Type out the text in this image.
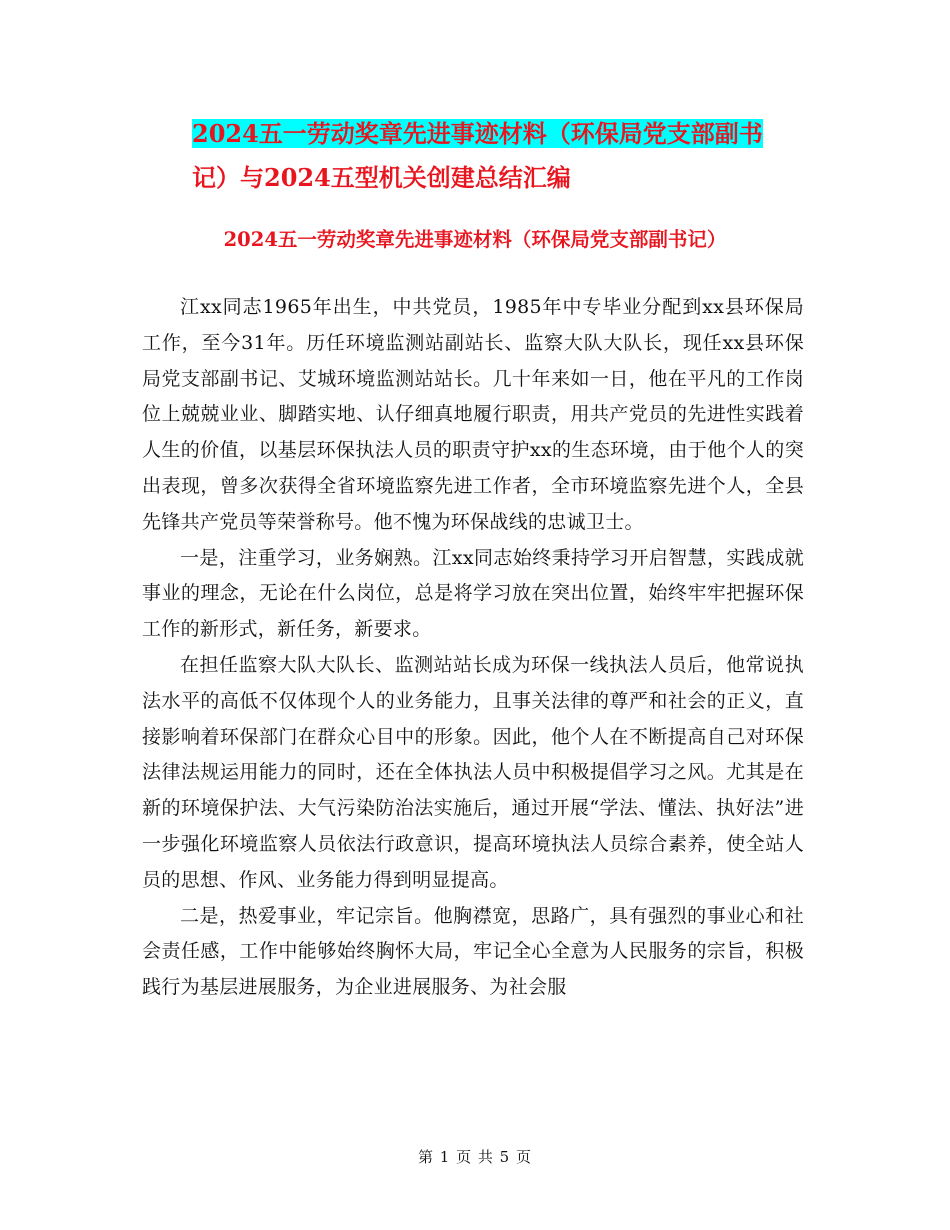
2024五一劳动奖章先进事迹材料（环保局党支部副书
记）与2024五型机关创建总结汇编
2024五一劳动奖章先进事迹材料（环保局党支部副书记）

江xx同志1965年出生，中共党员，1985年中专毕业分配到xx县环保局工作，至今31年。历任环境监测站副站长、监察大队大队长，现任xx县环保局党支部副书记、艾城环境监测站站长。几十年来如一日，他在平凡的工作岗位上兢兢业业、脚踏实地、认仔细真地履行职责，用共产党员的先进性实践着人生的价值，以基层环保执法人员的职责守护xx的生态环境，由于他个人的突出表现，曾多次获得全省环境监察先进工作者，全市环境监察先进个人，全县先锋共产党员等荣誉称号。他不愧为环保战线的忠诚卫士。

一是，注重学习，业务娴熟。江xx同志始终秉持学习开启智慧，实践成就事业的理念，无论在什么岗位，总是将学习放在突出位置，始终牢牢把握环保工作的新形式，新任务，新要求。

在担任监察大队大队长、监测站站长成为环保一线执法人员后，他常说执法水平的高低不仅体现个人的业务能力，且事关法律的尊严和社会的正义，直接影响着环保部门在群众心目中的形象。因此，他个人在不断提高自己对环保法律法规运用能力的同时，还在全体执法人员中积极提倡学习之风。尤其是在新的环境保护法、大气污染防治法实施后，通过开展“学法、懂法、执好法”进一步强化环境监察人员依法行政意识，提高环境执法人员综合素养，使全站人员的思想、作风、业务能力得到明显提高。

二是，热爱事业，牢记宗旨。他胸襟宽，思路广，具有强烈的事业心和社会责任感，工作中能够始终胸怀大局，牢记全心全意为人民服务的宗旨，积极践行为基层进展服务，为企业进展服务、为社会服

第 1 页 共 5 页
